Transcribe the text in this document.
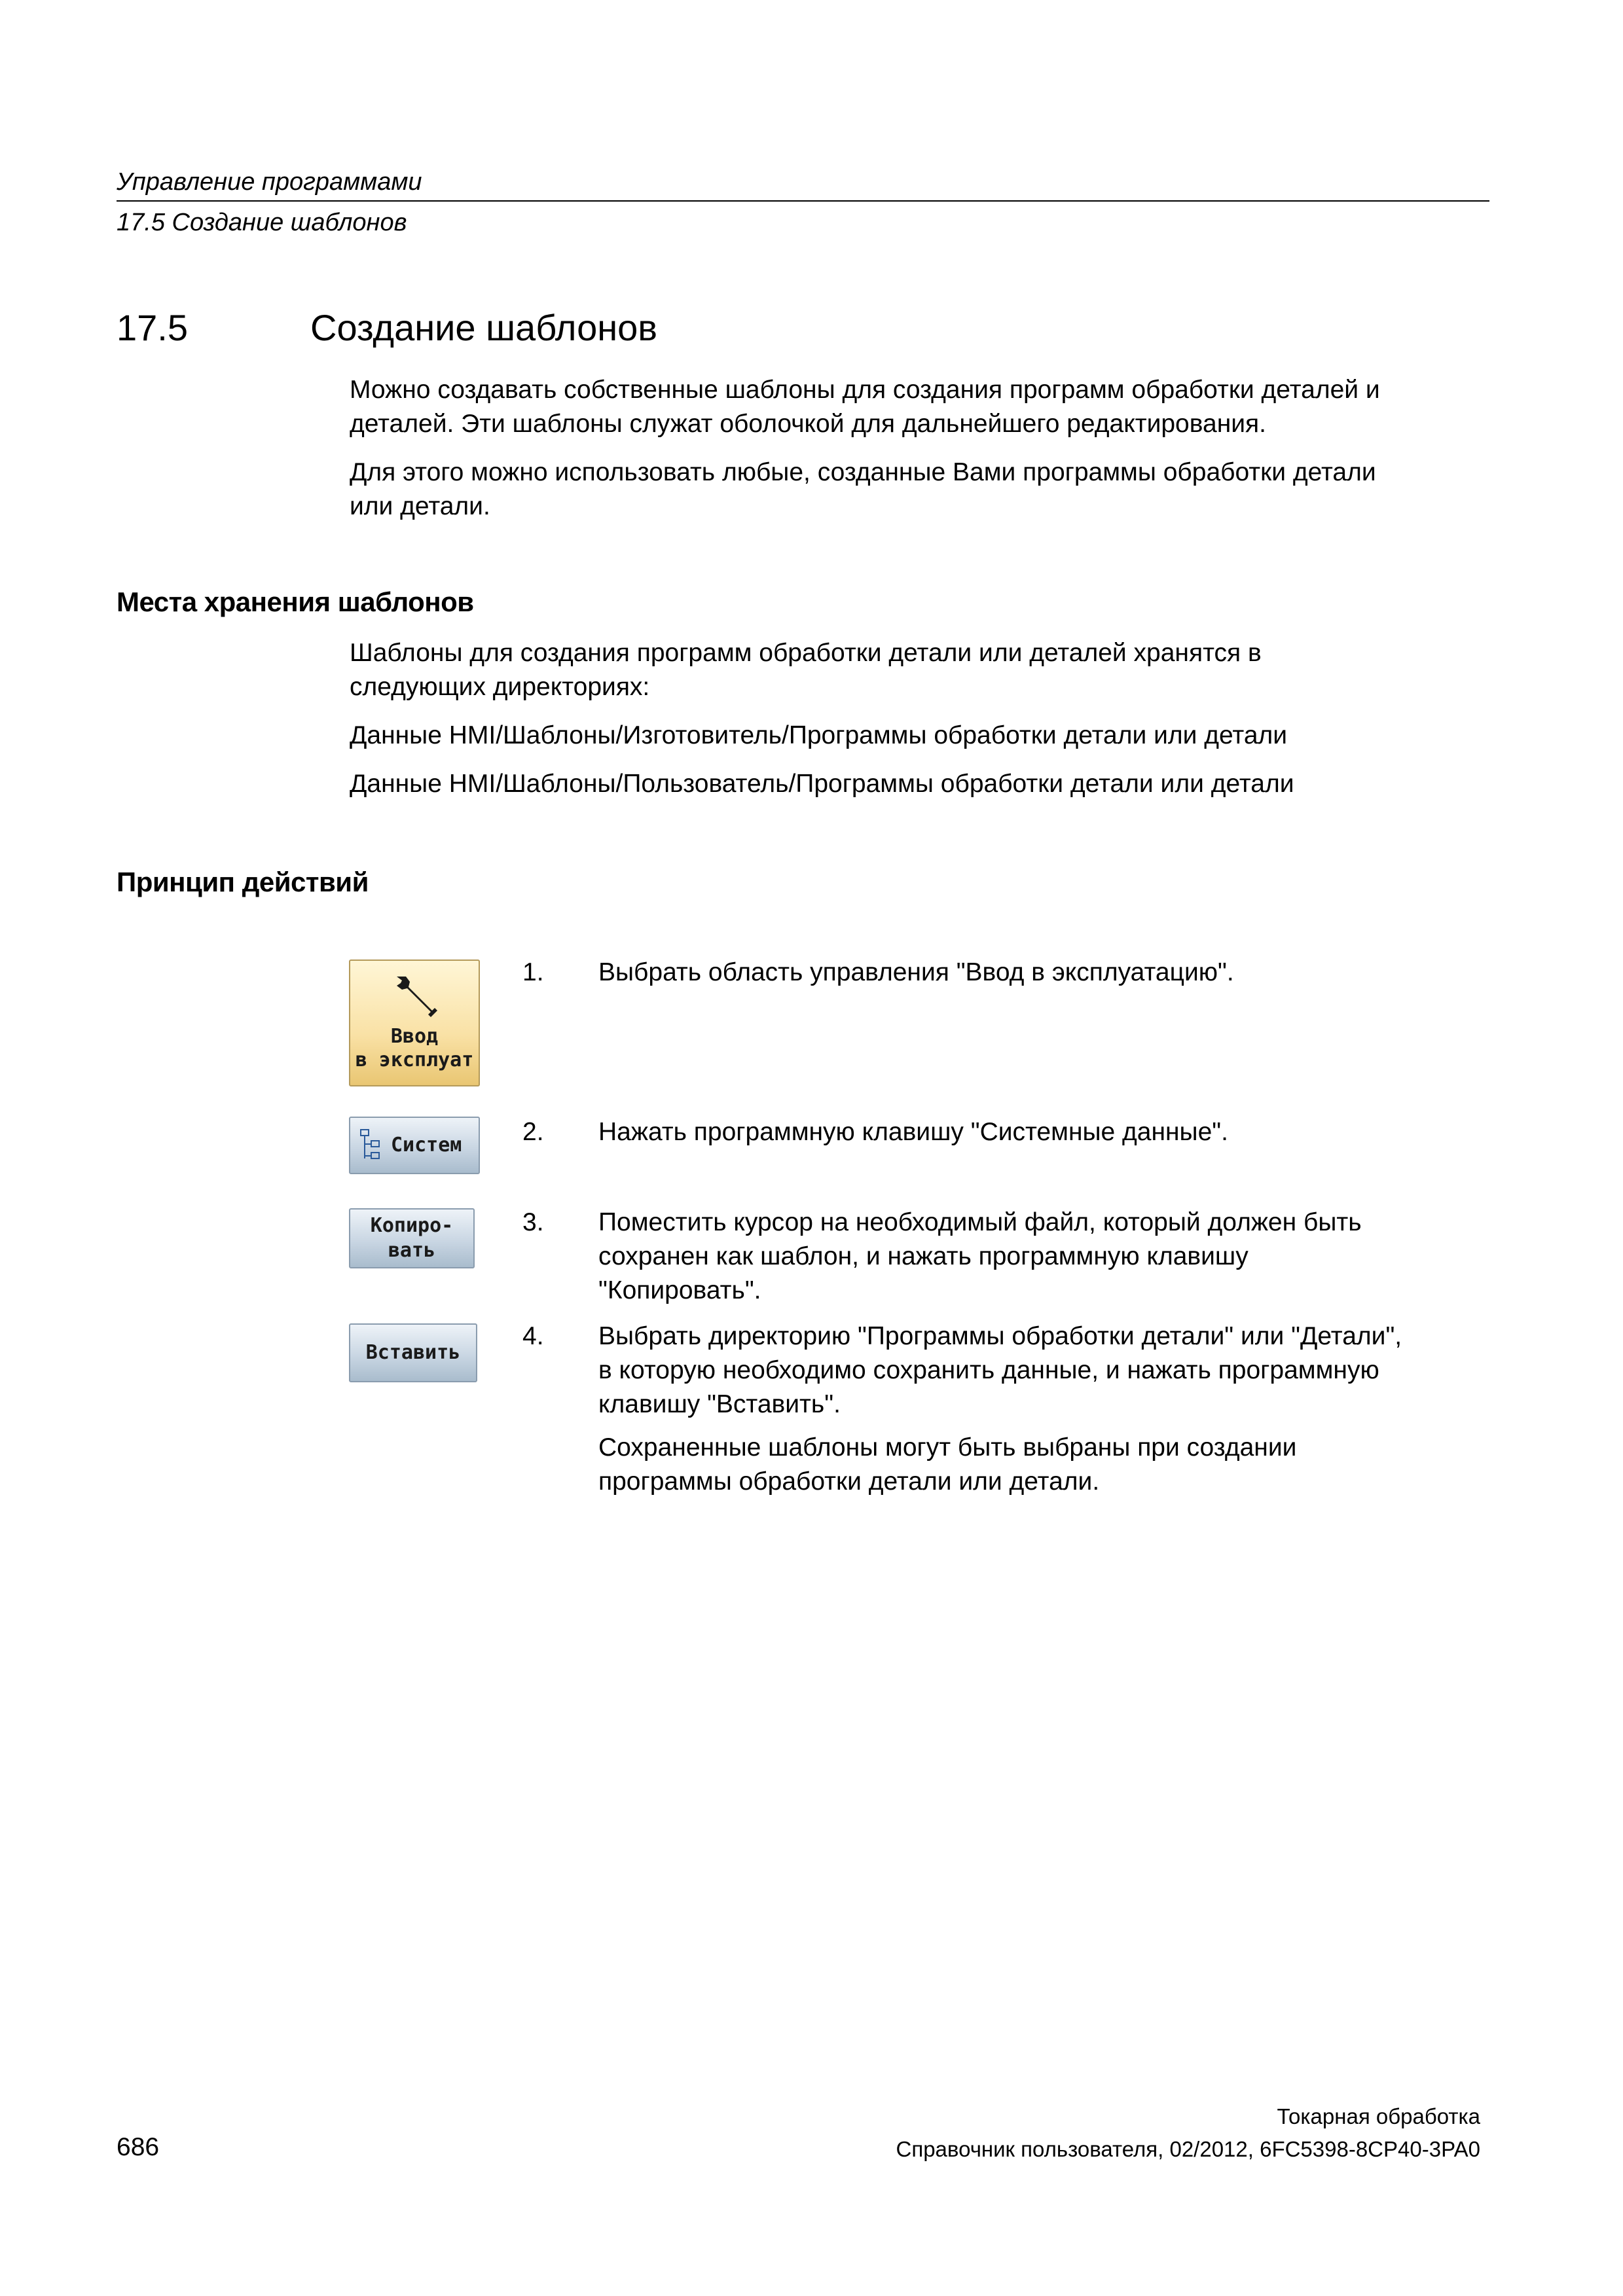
Управление программами
17.5 Создание шаблонов
17.5	Создание шаблонов
Можно создавать собственные шаблоны для создания программ обработки деталей и
деталей. Эти шаблоны служат оболочкой для дальнейшего редактирования.
Для этого можно использовать любые, созданные Вами программы обработки детали
или детали.
Места хранения шаблонов
Шаблоны для создания программ обработки детали или деталей хранятся в
следующих директориях:
Данные HMI/Шаблоны/Изготовитель/Программы обработки детали или детали
Данные HMI/Шаблоны/Пользователь/Программы обработки детали или детали
Принцип действий
Ввод
в эксплуат
Систем
Копиро-
вать
Вставить
1. Выбрать область управления "Ввод в эксплуатацию".
2. Нажать программную клавишу "Системные данные".
3. Поместить курсор на необходимый файл, который должен быть
сохранен как шаблон, и нажать программную клавишу
"Копировать".
4. Выбрать директорию "Программы обработки детали" или "Детали",
в которую необходимо сохранить данные, и нажать программную
клавишу "Вставить".
Сохраненные шаблоны могут быть выбраны при создании
программы обработки детали или детали.
Токарная обработка
686	Справочник пользователя, 02/2012, 6FC5398-8CP40-3PA0
